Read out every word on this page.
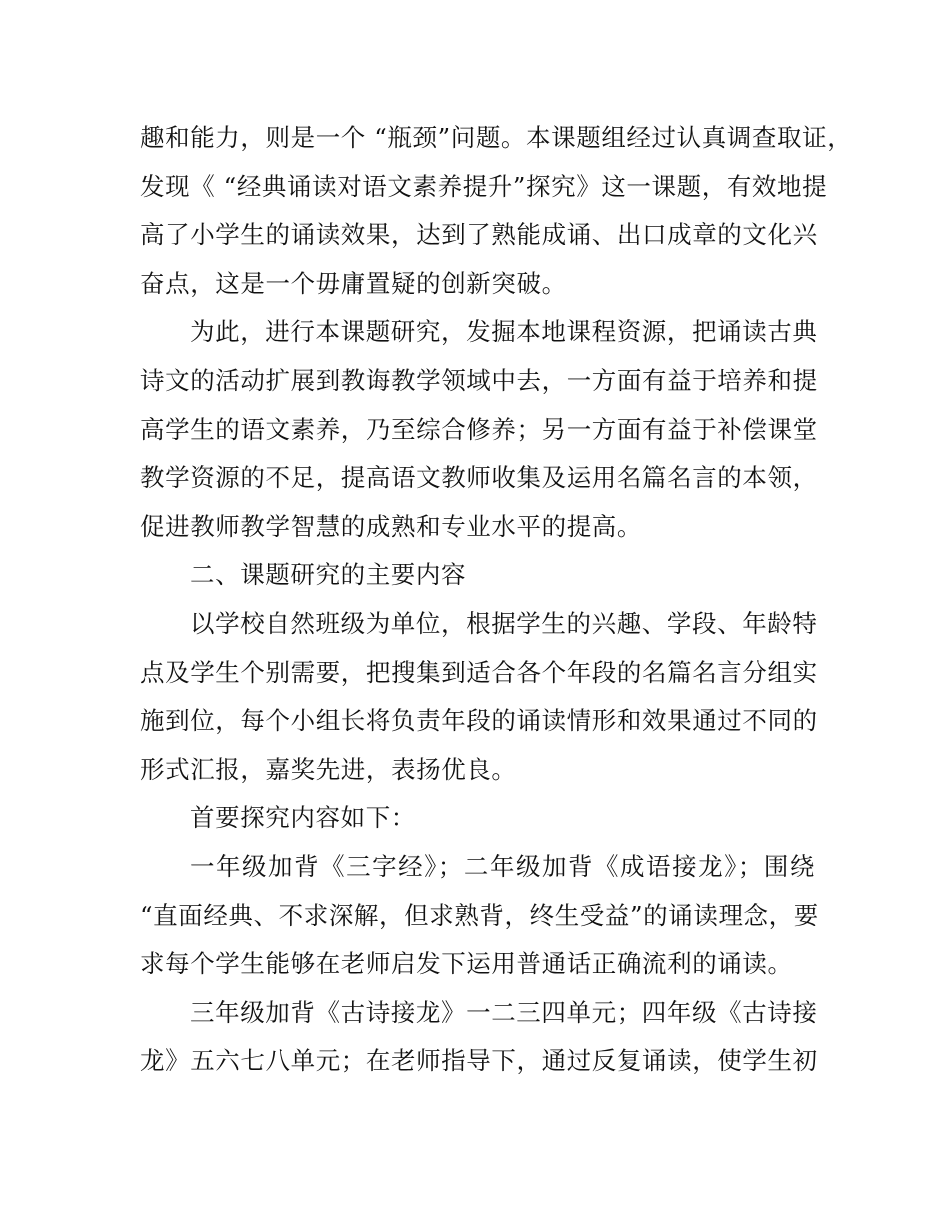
趣和能力，则是一个 “瓶颈”问题。本课题组经过认真调查取证，
发现《 “经典诵读对语文素养提升”探究》这一课题，有效地提
高了小学生的诵读效果，达到了熟能成诵、出口成章的文化兴
奋点，这是一个毋庸置疑的创新突破。
为此，进行本课题研究，发掘本地课程资源，把诵读古典
诗文的活动扩展到教诲教学领域中去，一方面有益于培养和提
高学生的语文素养，乃至综合修养；另一方面有益于补偿课堂
教学资源的不足，提高语文教师收集及运用名篇名言的本领，
促进教师教学智慧的成熟和专业水平的提高。
二、课题研究的主要内容
以学校自然班级为单位，根据学生的兴趣、学段、年龄特
点及学生个别需要，把搜集到适合各个年段的名篇名言分组实
施到位，每个小组长将负责年段的诵读情形和效果通过不同的
形式汇报，嘉奖先进，表扬优良。
首要探究内容如下：
一年级加背《三字经》；二年级加背《成语接龙》；围绕
“直面经典、不求深解，但求熟背，终生受益”的诵读理念，要
求每个学生能够在老师启发下运用普通话正确流利的诵读。
三年级加背《古诗接龙》一二三四单元；四年级《古诗接
龙》五六七八单元；在老师指导下，通过反复诵读，使学生初
